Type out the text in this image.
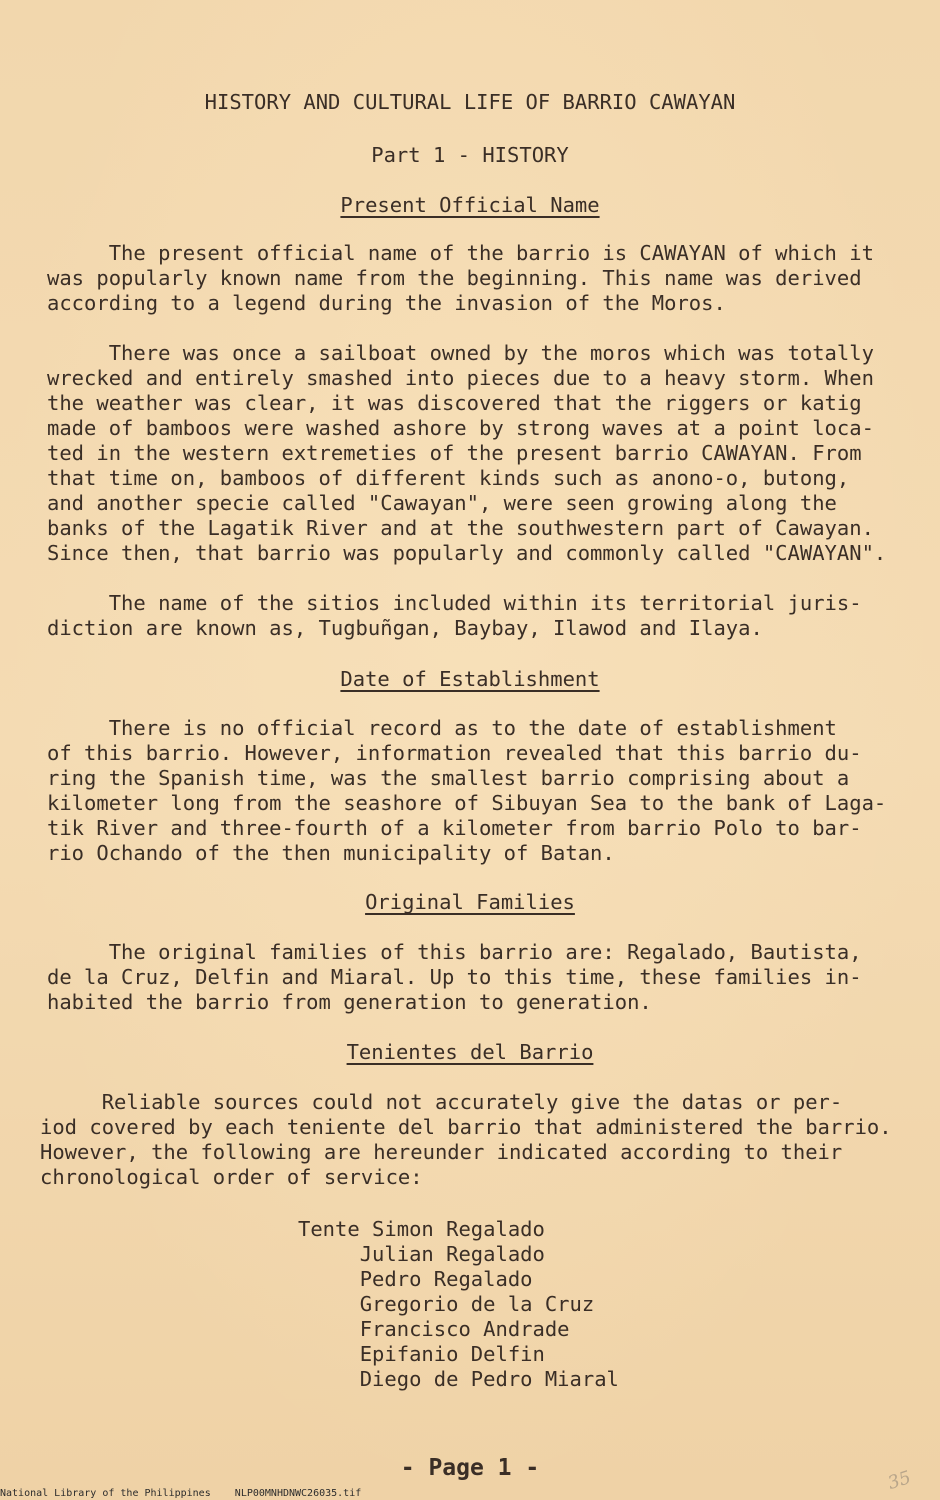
HISTORY AND CULTURAL LIFE OF BARRIO CAWAYAN
Part 1 - HISTORY
Present Official Name
The present official name of the barrio is CAWAYAN of which it
was popularly known name from the beginning. This name was derived
according to a legend during the invasion of the Moros.
There was once a sailboat owned by the moros which was totally
wrecked and entirely smashed into pieces due to a heavy storm. When
the weather was clear, it was discovered that the riggers or katig
made of bamboos were washed ashore by strong waves at a point loca-
ted in the western extremeties of the present barrio CAWAYAN. From
that time on, bamboos of different kinds such as anono-o, butong,
and another specie called "Cawayan", were seen growing along the
banks of the Lagatik River and at the southwestern part of Cawayan.
Since then, that barrio was popularly and commonly called "CAWAYAN".
The name of the sitios included within its territorial juris-
diction are known as, Tugbuñgan, Baybay, Ilawod and Ilaya.
Date of Establishment
There is no official record as to the date of establishment
of this barrio. However, information revealed that this barrio du-
ring the Spanish time, was the smallest barrio comprising about a
kilometer long from the seashore of Sibuyan Sea to the bank of Laga-
tik River and three-fourth of a kilometer from barrio Polo to bar-
rio Ochando of the then municipality of Batan.
Original Families
The original families of this barrio are: Regalado, Bautista,
de la Cruz, Delfin and Miaral. Up to this time, these families in-
habited the barrio from generation to generation.
Tenientes del Barrio
Reliable sources could not accurately give the datas or per-
iod covered by each teniente del barrio that administered the barrio.
However, the following are hereunder indicated according to their
chronological order of service:
Tente Simon Regalado
Julian Regalado
Pedro Regalado
Gregorio de la Cruz
Francisco Andrade
Epifanio Delfin
Diego de Pedro Miaral
- Page 1 -	35
National Library of the Philippines    NLP00MNHDNWC26035.tif
